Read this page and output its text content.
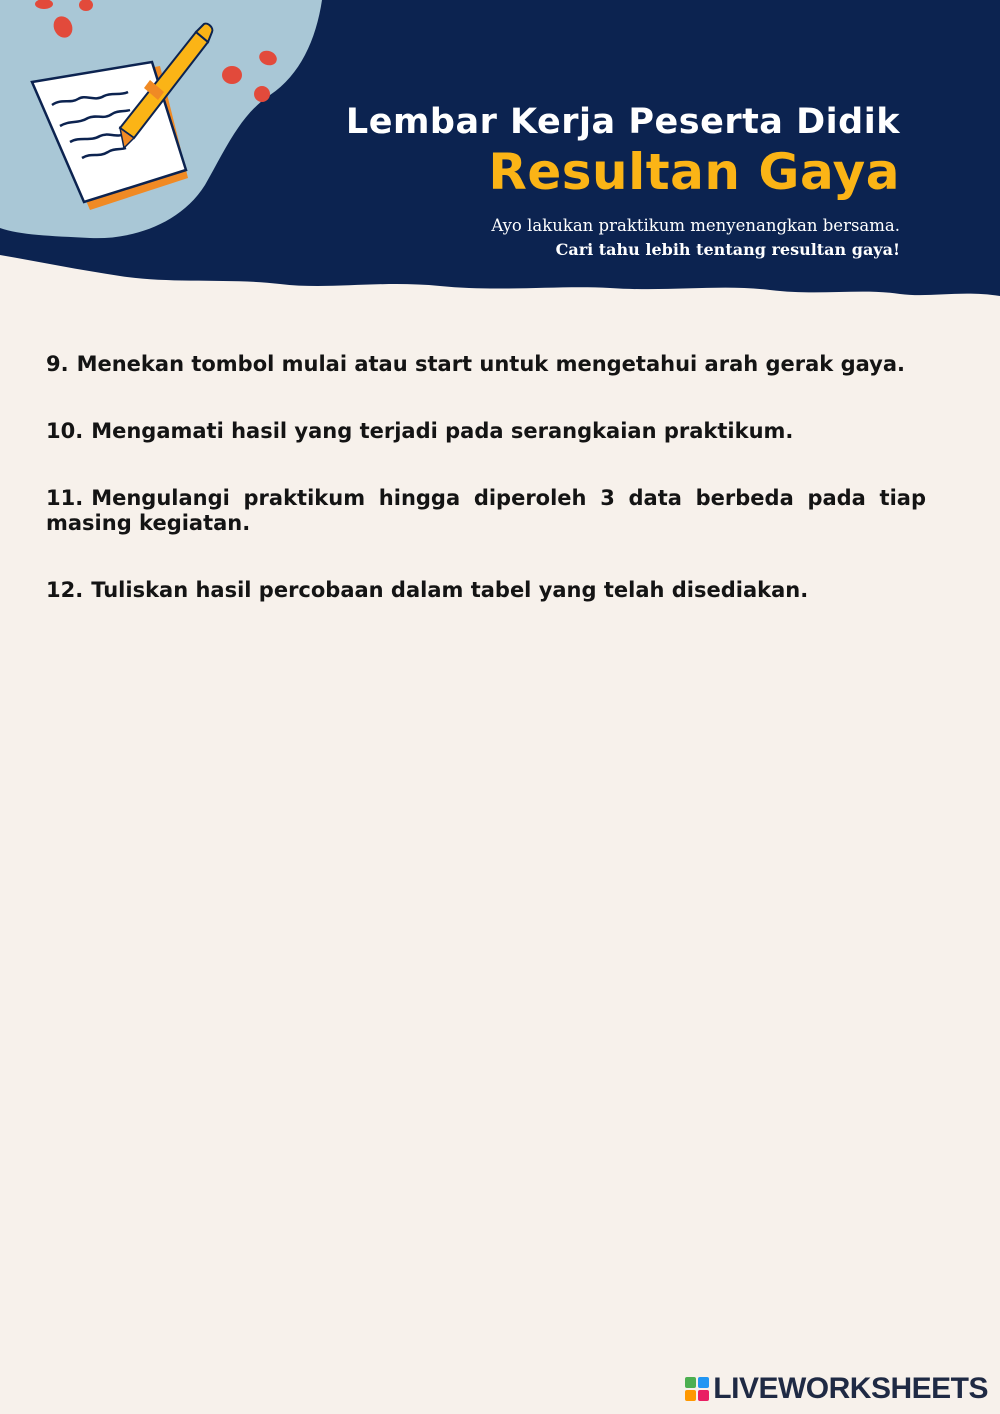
Lembar Kerja Peserta Didik
Resultan Gaya
Ayo lakukan praktikum menyenangkan bersama.
Cari tahu lebih tentang resultan gaya!

9. Menekan tombol mulai atau start untuk mengetahui arah gerak gaya.

10. Mengamati hasil yang terjadi pada serangkaian praktikum.

11. Mengulangi praktikum hingga diperoleh 3 data berbeda pada tiap masing kegiatan.

12. Tuliskan hasil percobaan dalam tabel yang telah disediakan.

LIVEWORKSHEETS
